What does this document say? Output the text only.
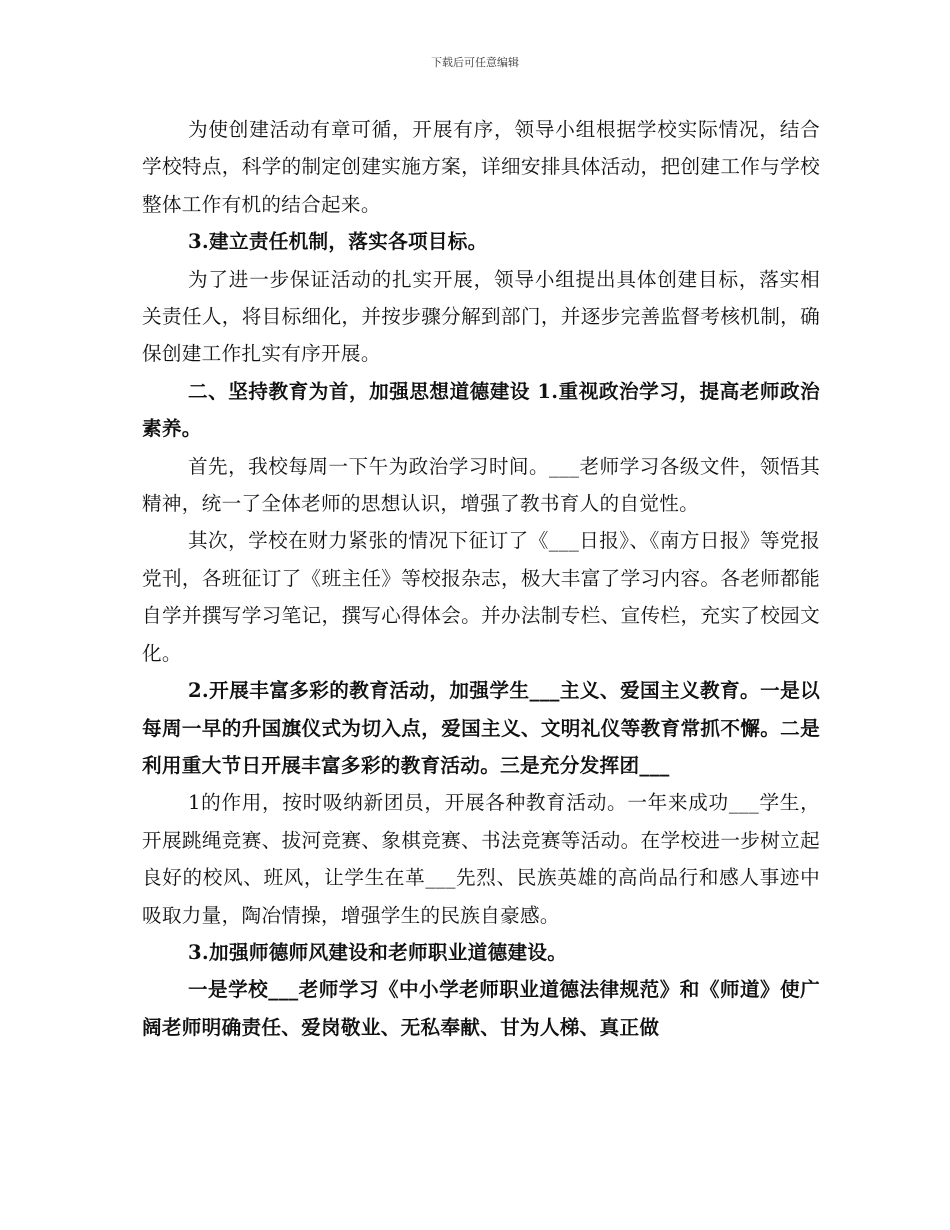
下载后可任意编辑

为使创建活动有章可循，开展有序，领导小组根据学校实际情况，结合学校特点，科学的制定创建实施方案，详细安排具体活动，把创建工作与学校整体工作有机的结合起来。

3.建立责任机制，落实各项目标。

为了进一步保证活动的扎实开展，领导小组提出具体创建目标，落实相关责任人，将目标细化，并按步骤分解到部门，并逐步完善监督考核机制，确保创建工作扎实有序开展。

二、坚持教育为首，加强思想道德建设 1.重视政治学习，提高老师政治素养。

首先，我校每周一下午为政治学习时间。___老师学习各级文件，领悟其精神，统一了全体老师的思想认识，增强了教书育人的自觉性。

其次，学校在财力紧张的情况下征订了《___日报》、《南方日报》等党报党刊，各班征订了《班主任》等校报杂志，极大丰富了学习内容。各老师都能自学并撰写学习笔记，撰写心得体会。并办法制专栏、宣传栏，充实了校园文化。

2.开展丰富多彩的教育活动，加强学生___主义、爱国主义教育。一是以每周一早的升国旗仪式为切入点，爱国主义、文明礼仪等教育常抓不懈。二是利用重大节日开展丰富多彩的教育活动。三是充分发挥团___

1的作用，按时吸纳新团员，开展各种教育活动。一年来成功___学生，开展跳绳竞赛、拔河竞赛、象棋竞赛、书法竞赛等活动。在学校进一步树立起良好的校风、班风，让学生在革___先烈、民族英雄的高尚品行和感人事迹中吸取力量，陶冶情操，增强学生的民族自豪感。

3.加强师德师风建设和老师职业道德建设。

一是学校___老师学习《中小学老师职业道德法律规范》和《师道》使广阔老师明确责任、爱岗敬业、无私奉献、甘为人梯、真正做
